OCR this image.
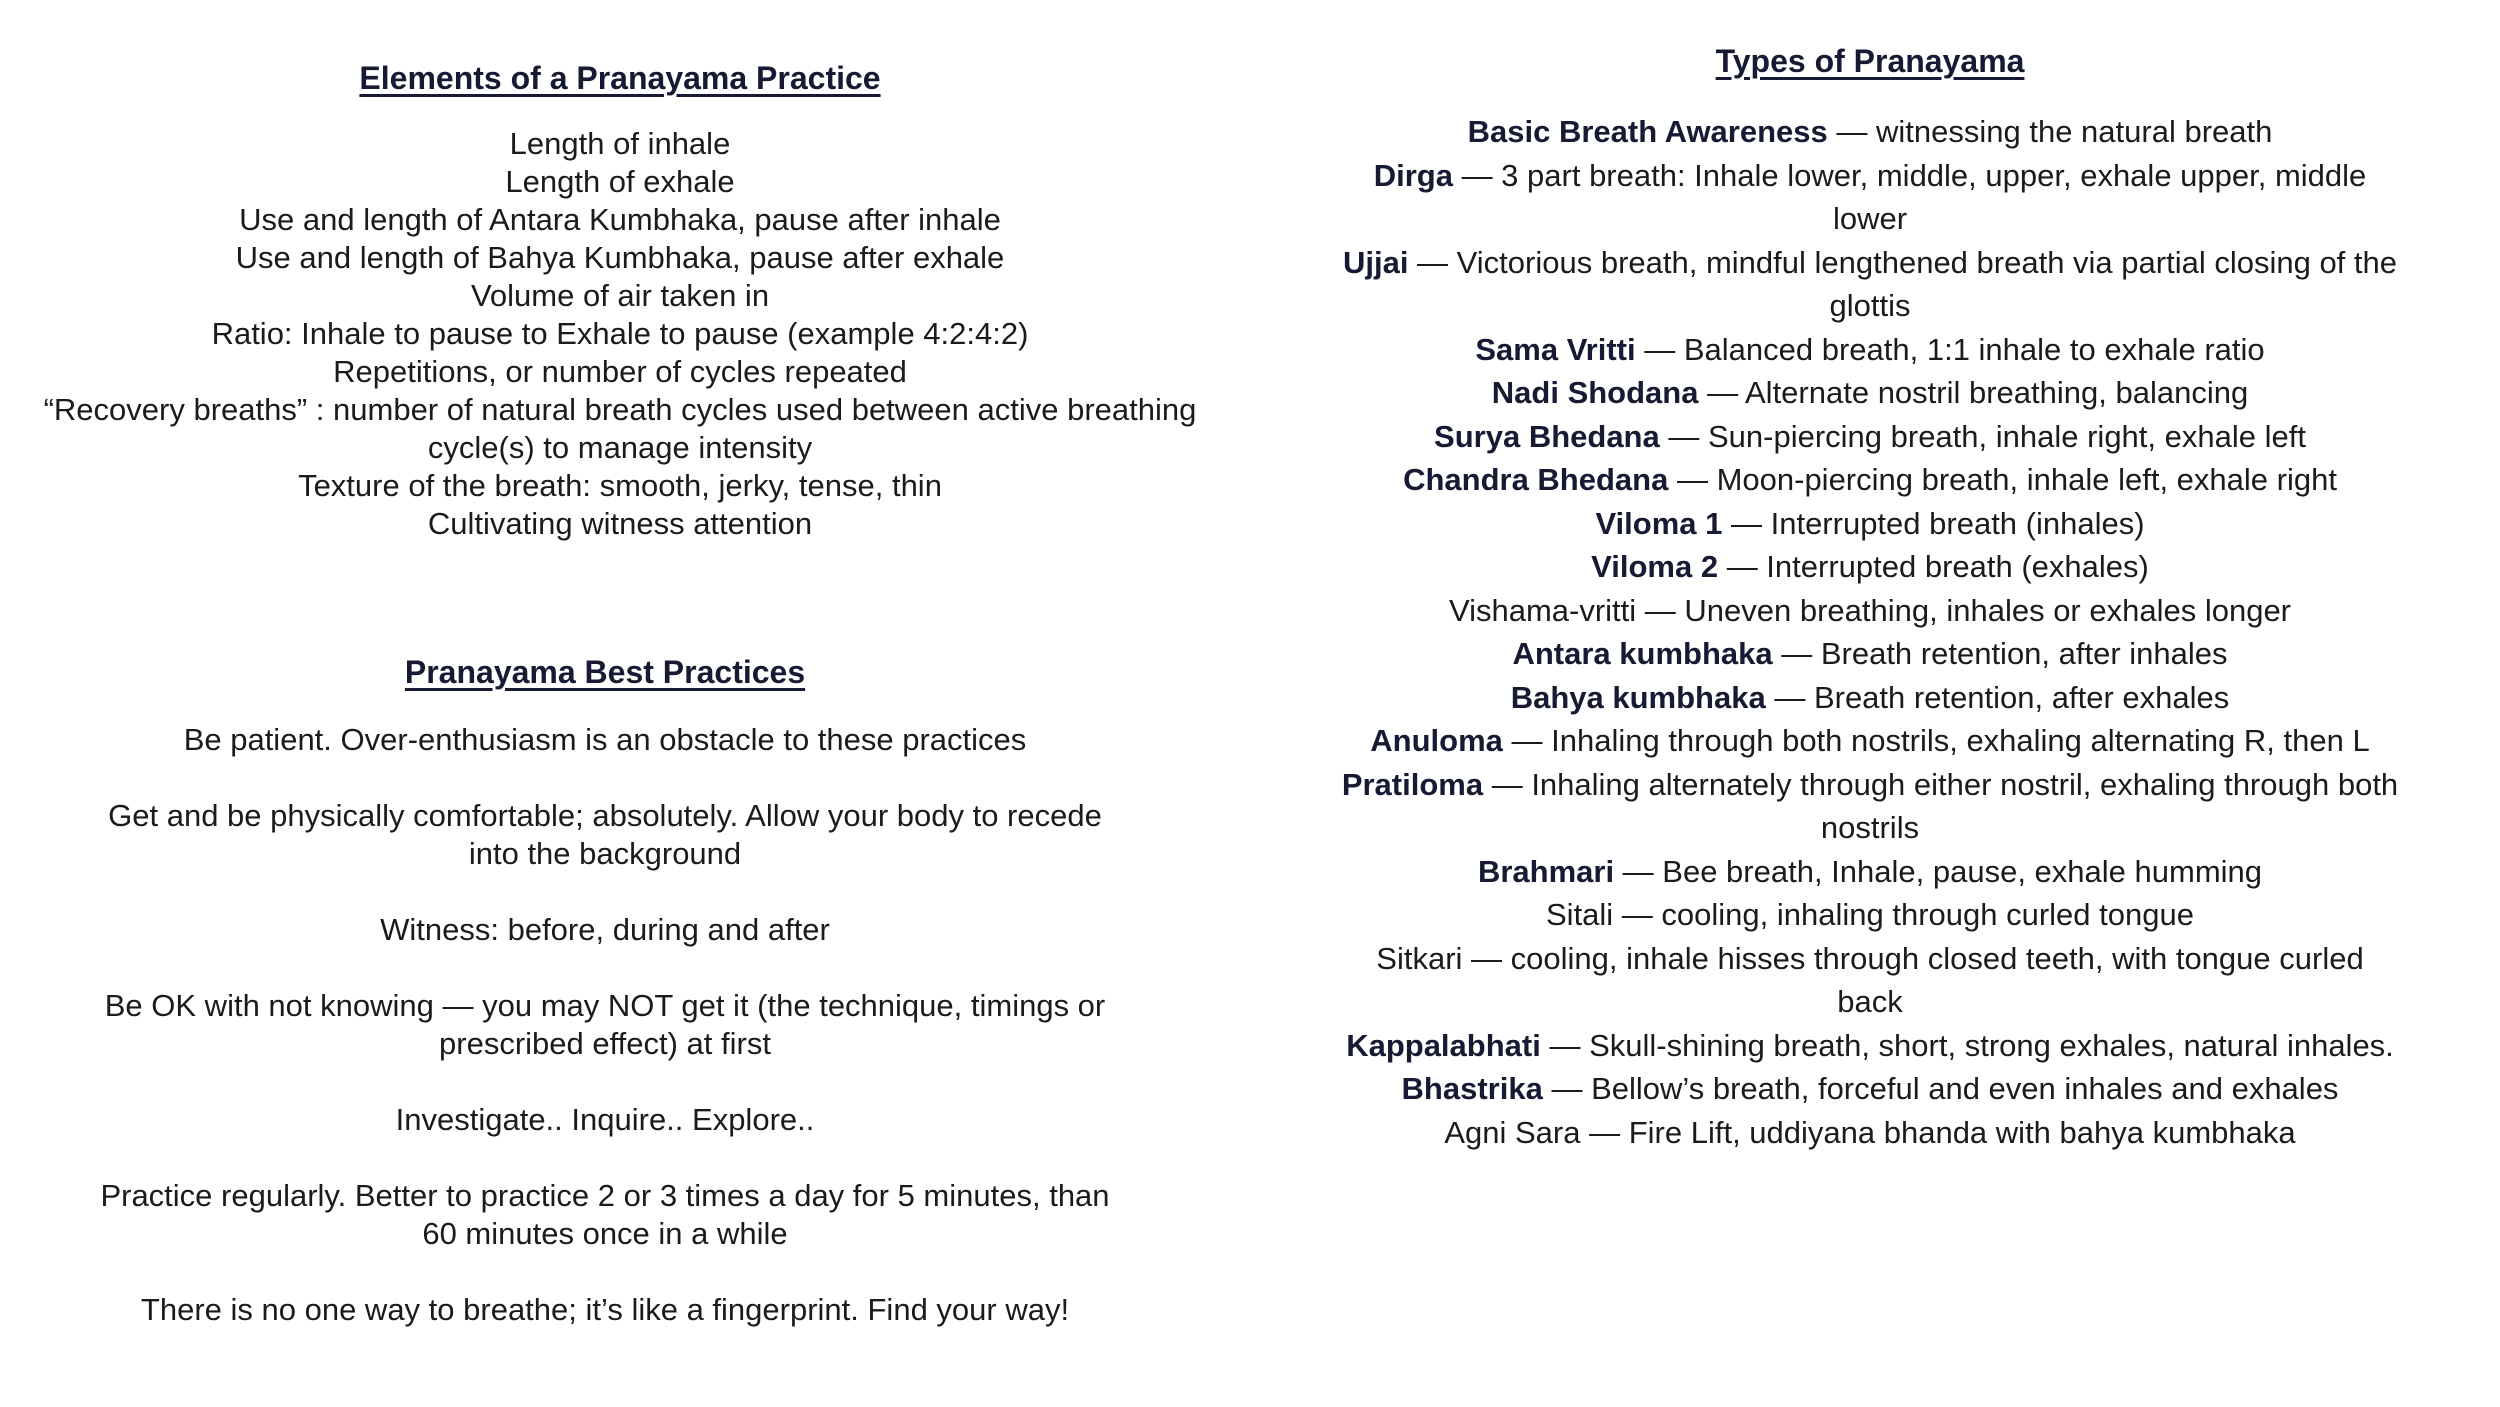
Elements of a Pranayama Practice
Length of inhale
Length of exhale
Use and length of Antara Kumbhaka, pause after inhale
Use and length of Bahya Kumbhaka, pause after exhale
Volume of air taken in
Ratio: Inhale to pause to Exhale to pause (example 4:2:4:2)
Repetitions, or number of cycles repeated
“Recovery breaths” : number of natural breath cycles used between active breathing cycle(s) to manage intensity
Texture of the breath: smooth, jerky, tense, thin
Cultivating witness attention
Pranayama Best Practices

Be patient. Over-enthusiasm is an obstacle to these practices

Get and be physically comfortable; absolutely. Allow your body to recede into the background

Witness: before, during and after

Be OK with not knowing — you may NOT get it (the technique, timings or prescribed effect) at first

Investigate.. Inquire.. Explore..

Practice regularly. Better to practice 2 or 3 times a day for 5 minutes, than 60 minutes once in a while

There is no one way to breathe; it’s like a fingerprint. Find your way!

Types of Pranayama
Basic Breath Awareness — witnessing the natural breath
Dirga — 3 part breath: Inhale lower, middle, upper, exhale upper, middle lower
Ujjai — Victorious breath, mindful lengthened breath via partial closing of the glottis
Sama Vritti — Balanced breath, 1:1 inhale to exhale ratio
Nadi Shodana — Alternate nostril breathing, balancing
Surya Bhedana — Sun-piercing breath, inhale right, exhale left
Chandra Bhedana — Moon-piercing breath, inhale left, exhale right
Viloma 1 — Interrupted breath (inhales)
Viloma 2 — Interrupted breath (exhales)
Vishama-vritti — Uneven breathing, inhales or exhales longer
Antara kumbhaka — Breath retention, after inhales
Bahya kumbhaka — Breath retention, after exhales
Anuloma — Inhaling through both nostrils, exhaling alternating R, then L
Pratiloma — Inhaling alternately through either nostril, exhaling through both nostrils
Brahmari — Bee breath, Inhale, pause, exhale humming
Sitali — cooling, inhaling through curled tongue
Sitkari — cooling, inhale hisses through closed teeth, with tongue curled back
Kappalabhati — Skull-shining breath, short, strong exhales, natural inhales.
Bhastrika — Bellow’s breath, forceful and even inhales and exhales
Agni Sara — Fire Lift, uddiyana bhanda with bahya kumbhaka
